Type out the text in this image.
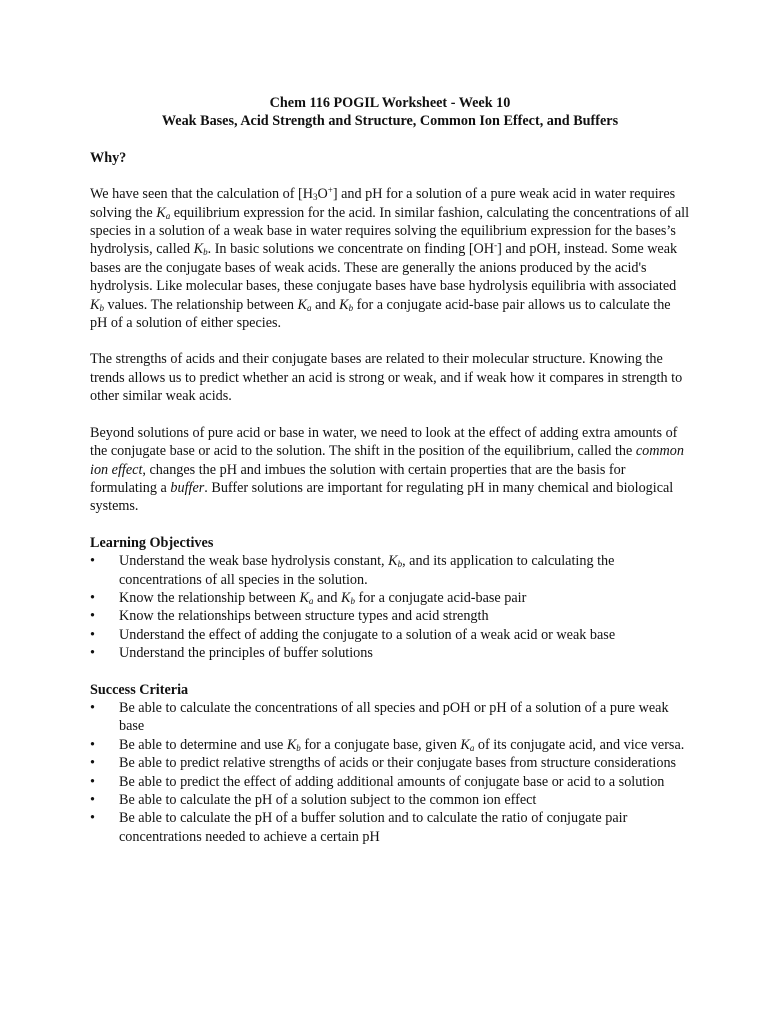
Chem 116 POGIL Worksheet - Week 10

Weak Bases, Acid Strength and Structure, Common Ion Effect, and Buffers

Why?

We have seen that the calculation of $[H_3O^+]$ and pH for a solution of a pure weak acid in water requires solving the $K_a$ equilibrium expression for the acid. In similar fashion, calculating the concentrations of all species in a solution of a weak base in water requires solving the equilibrium expression for the bases’s hydrolysis, called $K_b$. In basic solutions we concentrate on finding [OH-] and pOH, instead. Some weak bases are the conjugate bases of weak acids. These are generally the anions produced by the acid's hydrolysis. Like molecular bases, these conjugate bases have base hydrolysis equilibria with associated $K_b$ values. The relationship between $K_a$ and $K_b$ for a conjugate acid-base pair allows us to calculate the pH of a solution of either species.

The strengths of acids and their conjugate bases are related to their molecular structure. Knowing the trends allows us to predict whether an acid is strong or weak, and if weak how it compares in strength to other similar weak acids.

Beyond solutions of pure acid or base in water, we need to look at the effect of adding extra amounts of the conjugate base or acid to the solution. The shift in the position of the equilibrium, called the common ion effect, changes the pH and imbues the solution with certain properties that are the basis for formulating a buffer. Buffer solutions are important for regulating pH in many chemical and biological systems.

Learning Objectives

• Understand the weak base hydrolysis constant, $K_b$, and its application to calculating the concentrations of all species in the solution.
• Know the relationship between $K_a$ and $K_b$ for a conjugate acid-base pair
• Know the relationships between structure types and acid strength
• Understand the effect of adding the conjugate to a solution of a weak acid or weak base
• Understand the principles of buffer solutions

Success Criteria

• Be able to calculate the concentrations of all species and pOH or pH of a solution of a pure weak base
• Be able to determine and use $K_b$ for a conjugate base, given $K_a$ of its conjugate acid, and vice versa.
• Be able to predict relative strengths of acids or their conjugate bases from structure considerations
• Be able to predict the effect of adding additional amounts of conjugate base or acid to a solution
• Be able to calculate the pH of a solution subject to the common ion effect
• Be able to calculate the pH of a buffer solution and to calculate the ratio of conjugate pair concentrations needed to achieve a certain pH
